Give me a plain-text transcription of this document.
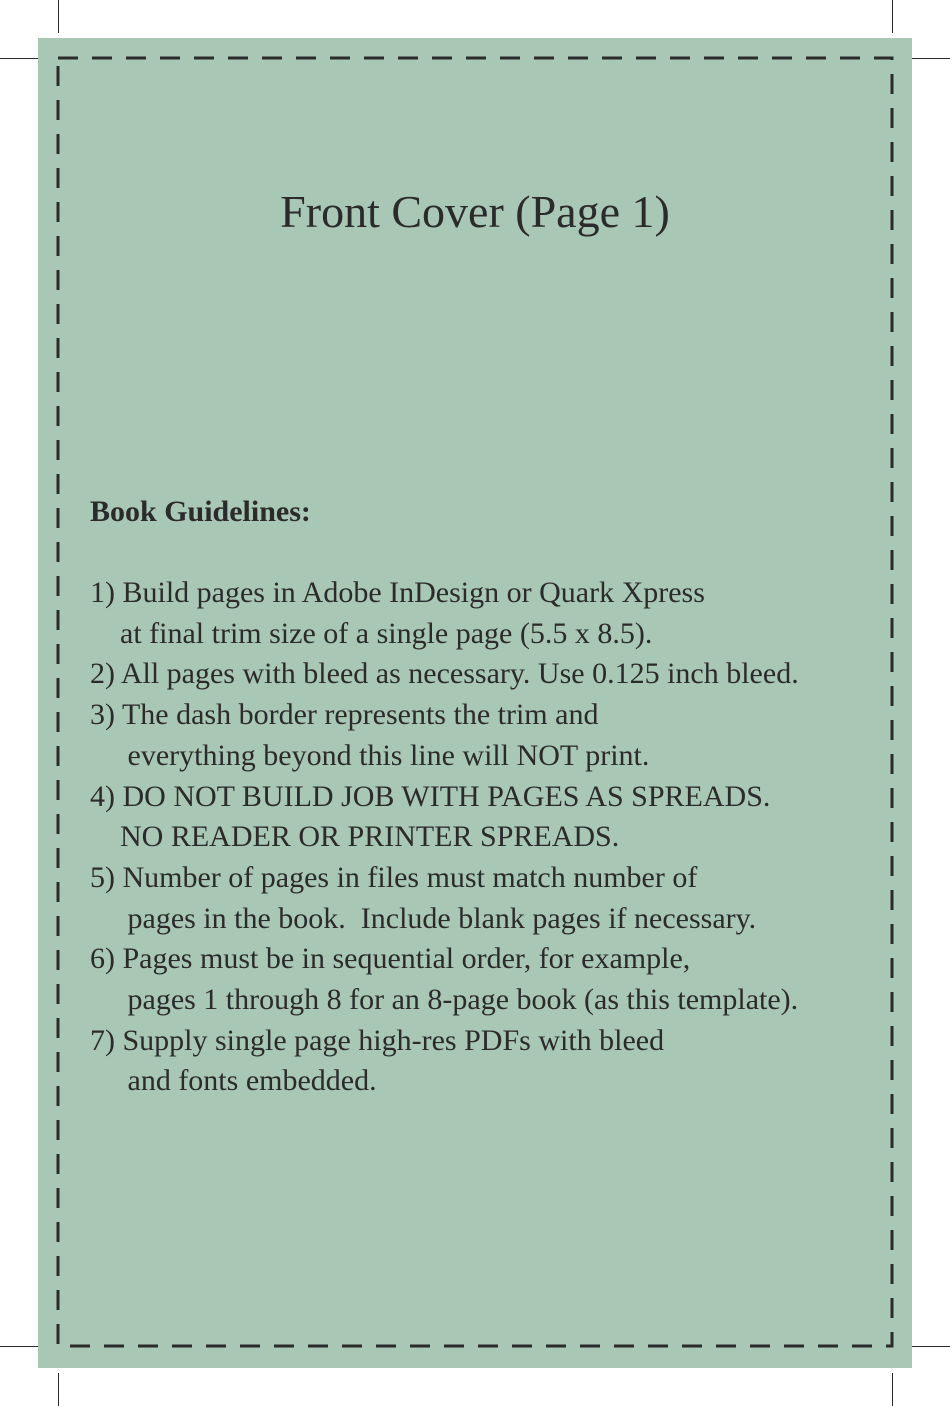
Front Cover (Page 1)
Book Guidelines:
1) Build pages in Adobe InDesign or Quark Xpress
at final trim size of a single page (5.5 x 8.5).
2) All pages with bleed as necessary. Use 0.125 inch bleed.
3) The dash border represents the trim and
everything beyond this line will NOT print.
4) DO NOT BUILD JOB WITH PAGES AS SPREADS.
NO READER OR PRINTER SPREADS.
5) Number of pages in files must match number of
pages in the book.  Include blank pages if necessary.
6) Pages must be in sequential order, for example,
pages 1 through 8 for an 8-page book (as this template).
7) Supply single page high-res PDFs with bleed
and fonts embedded.
